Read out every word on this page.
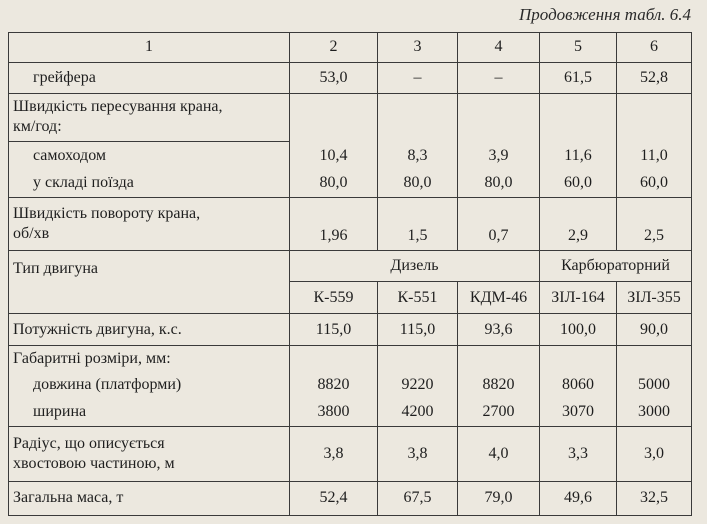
Продовження табл. 6.4
1	2	3	4	5	6
грейфера	53,0	–	–	61,5	52,8

Швидкість пересування крана,
км/год:					

самоходом	10,4	8,3	3,9	11,6	11,0
у складі поїзда	80,0	80,0	80,0	60,0	60,0

Швидкість повороту крана,
об/хв	1,96	1,5	0,7	2,9	2,5
Тип двигуна	Дизель			Карбюраторний	
	К-559	К-551	КДМ-46	ЗІЛ-164	ЗІЛ-355
Потужність двигуна, к.с.	115,0	115,0	93,6	100,0	90,0
Габаритні розміри, мм:					
довжина (платформи)	8820	9220	8820	8060	5000
ширина	3800	4200	2700	3070	3000

Радіус, що описується
хвостовою частиною, м	3,8	3,8	4,0	3,3	3,0
Загальна маса, т	52,4	67,5	79,0	49,6	32,5
